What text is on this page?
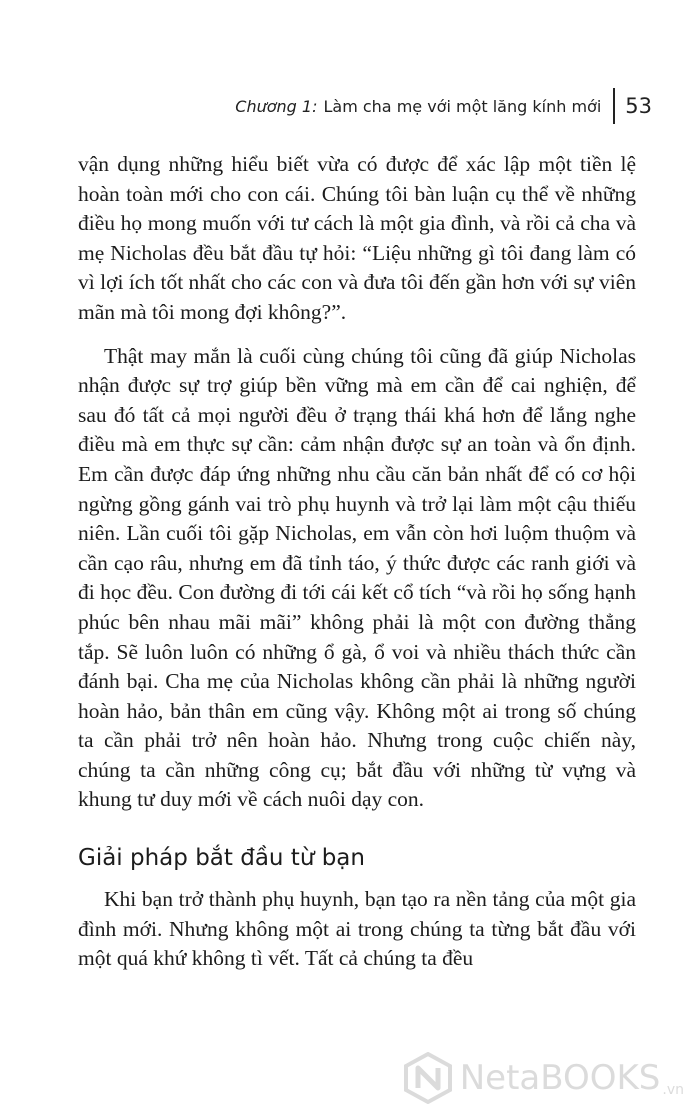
Chương 1: Làm cha mẹ với một lăng kính mới 53

vận dụng những hiểu biết vừa có được để xác lập một tiền lệ hoàn toàn mới cho con cái. Chúng tôi bàn luận cụ thể về những điều họ mong muốn với tư cách là một gia đình, và rồi cả cha và mẹ Nicholas đều bắt đầu tự hỏi: “Liệu những gì tôi đang làm có vì lợi ích tốt nhất cho các con và đưa tôi đến gần hơn với sự viên mãn mà tôi mong đợi không?”.

Thật may mắn là cuối cùng chúng tôi cũng đã giúp Nicholas nhận được sự trợ giúp bền vững mà em cần để cai nghiện, để sau đó tất cả mọi người đều ở trạng thái khá hơn để lắng nghe điều mà em thực sự cần: cảm nhận được sự an toàn và ổn định. Em cần được đáp ứng những nhu cầu căn bản nhất để có cơ hội ngừng gồng gánh vai trò phụ huynh và trở lại làm một cậu thiếu niên. Lần cuối tôi gặp Nicholas, em vẫn còn hơi luộm thuộm và cần cạo râu, nhưng em đã tỉnh táo, ý thức được các ranh giới và đi học đều. Con đường đi tới cái kết cổ tích “và rồi họ sống hạnh phúc bên nhau mãi mãi” không phải là một con đường thẳng tắp. Sẽ luôn luôn có những ổ gà, ổ voi và nhiều thách thức cần đánh bại. Cha mẹ của Nicholas không cần phải là những người hoàn hảo, bản thân em cũng vậy. Không một ai trong số chúng ta cần phải trở nên hoàn hảo. Nhưng trong cuộc chiến này, chúng ta cần những công cụ; bắt đầu với những từ vựng và khung tư duy mới về cách nuôi dạy con.

Giải pháp bắt đầu từ bạn

Khi bạn trở thành phụ huynh, bạn tạo ra nền tảng của một gia đình mới. Nhưng không một ai trong chúng ta từng bắt đầu với một quá khứ không tì vết. Tất cả chúng ta đều

NetaBOOKS .vn
